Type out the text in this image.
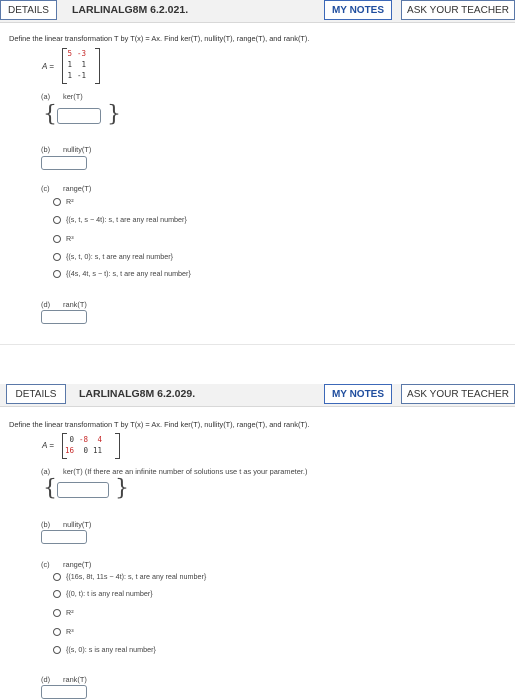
DETAILS	LARLINALG8M 6.2.021.	MY NOTES	ASK YOUR TEACHER
Define the linear transformation T by T(x) = Ax. Find ker(T), nullity(T), range(T), and rank(T).
A =
5 -3
1	1
1 -1
(a) ker(T)
{ }
(b) nullity(T)
(c) range(T)
R²
{(s, t, s − 4t): s, t are any real number}
R³
{(s, t, 0): s, t are any real number}
{(4s, 4t, s − t): s, t are any real number}
(d) rank(T)
DETAILS	LARLINALG8M 6.2.029.	MY NOTES	ASK YOUR TEACHER
Define the linear transformation T by T(x) = Ax. Find ker(T), nullity(T), range(T), and rank(T).
A =
0 -8	4
16	0 11
(a) ker(T) (If there are an infinite number of solutions use t as your parameter.)
{	}
(b) nullity(T)
(c) range(T)
{(16s, 8t, 11s − 4t): s, t are any real number}
{(0, t): t is any real number}
R²
R³
{(s, 0): s is any real number}
(d) rank(T)
